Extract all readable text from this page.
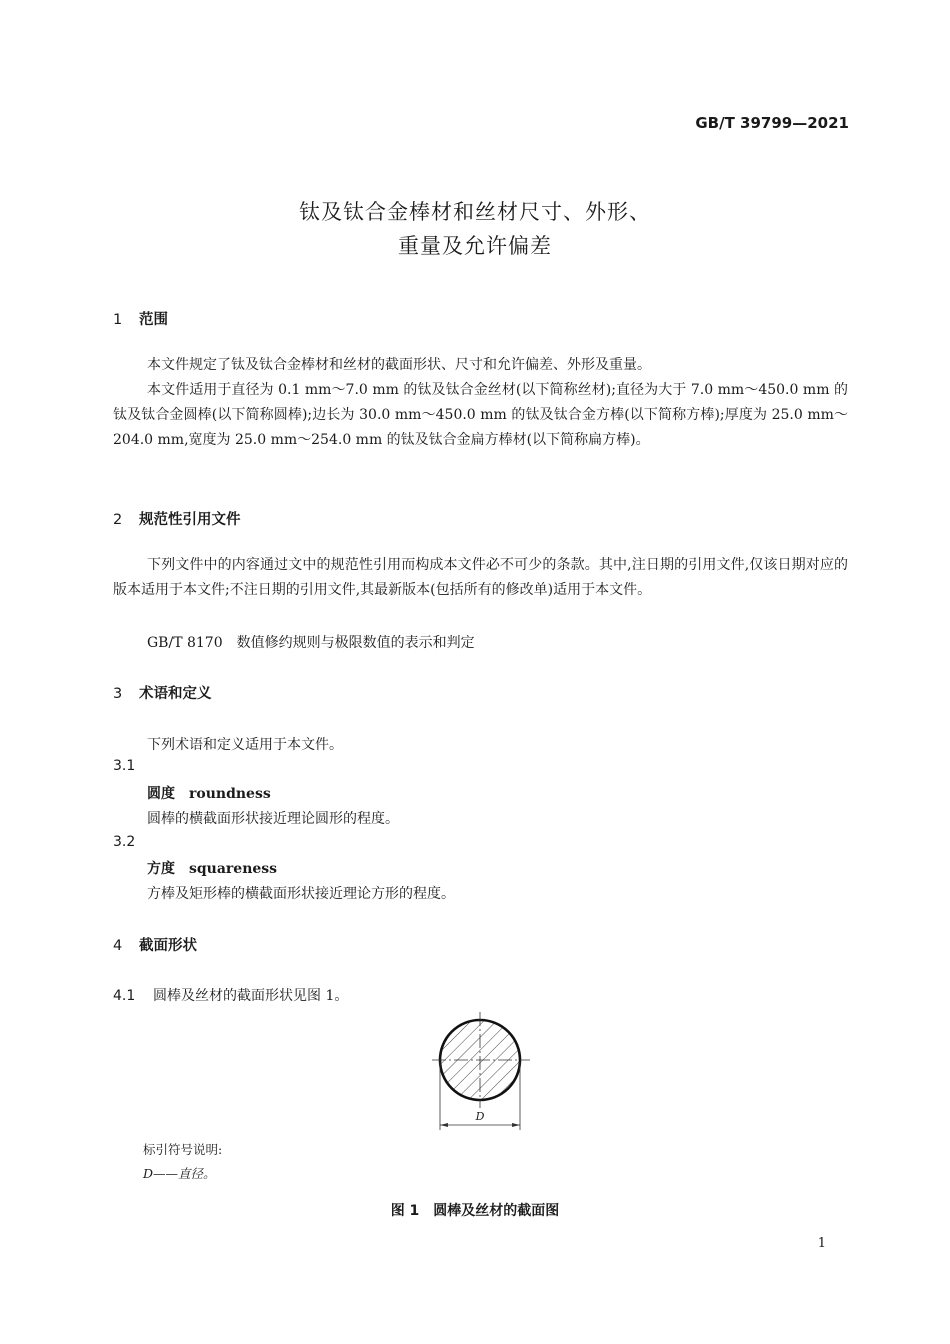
GB/T 39799—2021
钛及钛合金棒材和丝材尺寸、外形、
重量及允许偏差
1 范围
本文件规定了钛及钛合金棒材和丝材的截面形状、尺寸和允许偏差、外形及重量。
本文件适用于直径为 0.1 mm～7.0 mm 的钛及钛合金丝材(以下简称丝材);直径为大于 7.0 mm～450.0 mm 的钛及钛合金圆棒(以下简称圆棒);边长为 30.0 mm～450.0 mm 的钛及钛合金方棒(以下简称方棒);厚度为 25.0 mm～204.0 mm,宽度为 25.0 mm～254.0 mm 的钛及钛合金扁方棒材(以下简称扁方棒)。
2 规范性引用文件
下列文件中的内容通过文中的规范性引用而构成本文件必不可少的条款。其中,注日期的引用文件,仅该日期对应的版本适用于本文件;不注日期的引用文件,其最新版本(包括所有的修改单)适用于本文件。
GB/T 8170　数值修约规则与极限数值的表示和判定
3 术语和定义
下列术语和定义适用于本文件。
3.1
圆度 roundness
圆棒的横截面形状接近理论圆形的程度。
3.2
方度 squareness
方棒及矩形棒的横截面形状接近理论方形的程度。
4 截面形状
4.1 圆棒及丝材的截面形状见图 1。
D
标引符号说明:
D——直径。
图 1　圆棒及丝材的截面图
1
